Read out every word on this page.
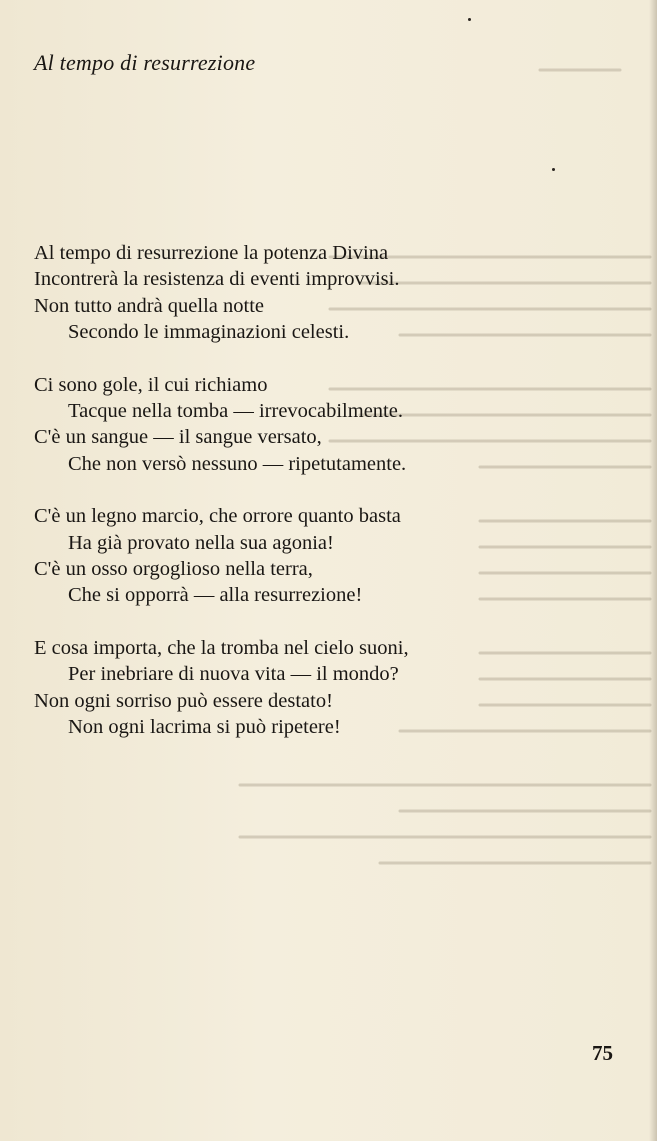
Al tempo di resurrezione
Al tempo di resurrezione la potenza Divina
Incontrerà la resistenza di eventi improvvisi.
Non tutto andrà quella notte
Secondo le immaginazioni celesti.
Ci sono gole, il cui richiamo
Tacque nella tomba — irrevocabilmente.
C'è un sangue — il sangue versato,
Che non versò nessuno — ripetutamente.
C'è un legno marcio, che orrore quanto basta
Ha già provato nella sua agonia!
C'è un osso orgoglioso nella terra,
Che si opporrà — alla resurrezione!
E cosa importa, che la tromba nel cielo suoni,
Per inebriare di nuova vita — il mondo?
Non ogni sorriso può essere destato!
Non ogni lacrima si può ripetere!
75
